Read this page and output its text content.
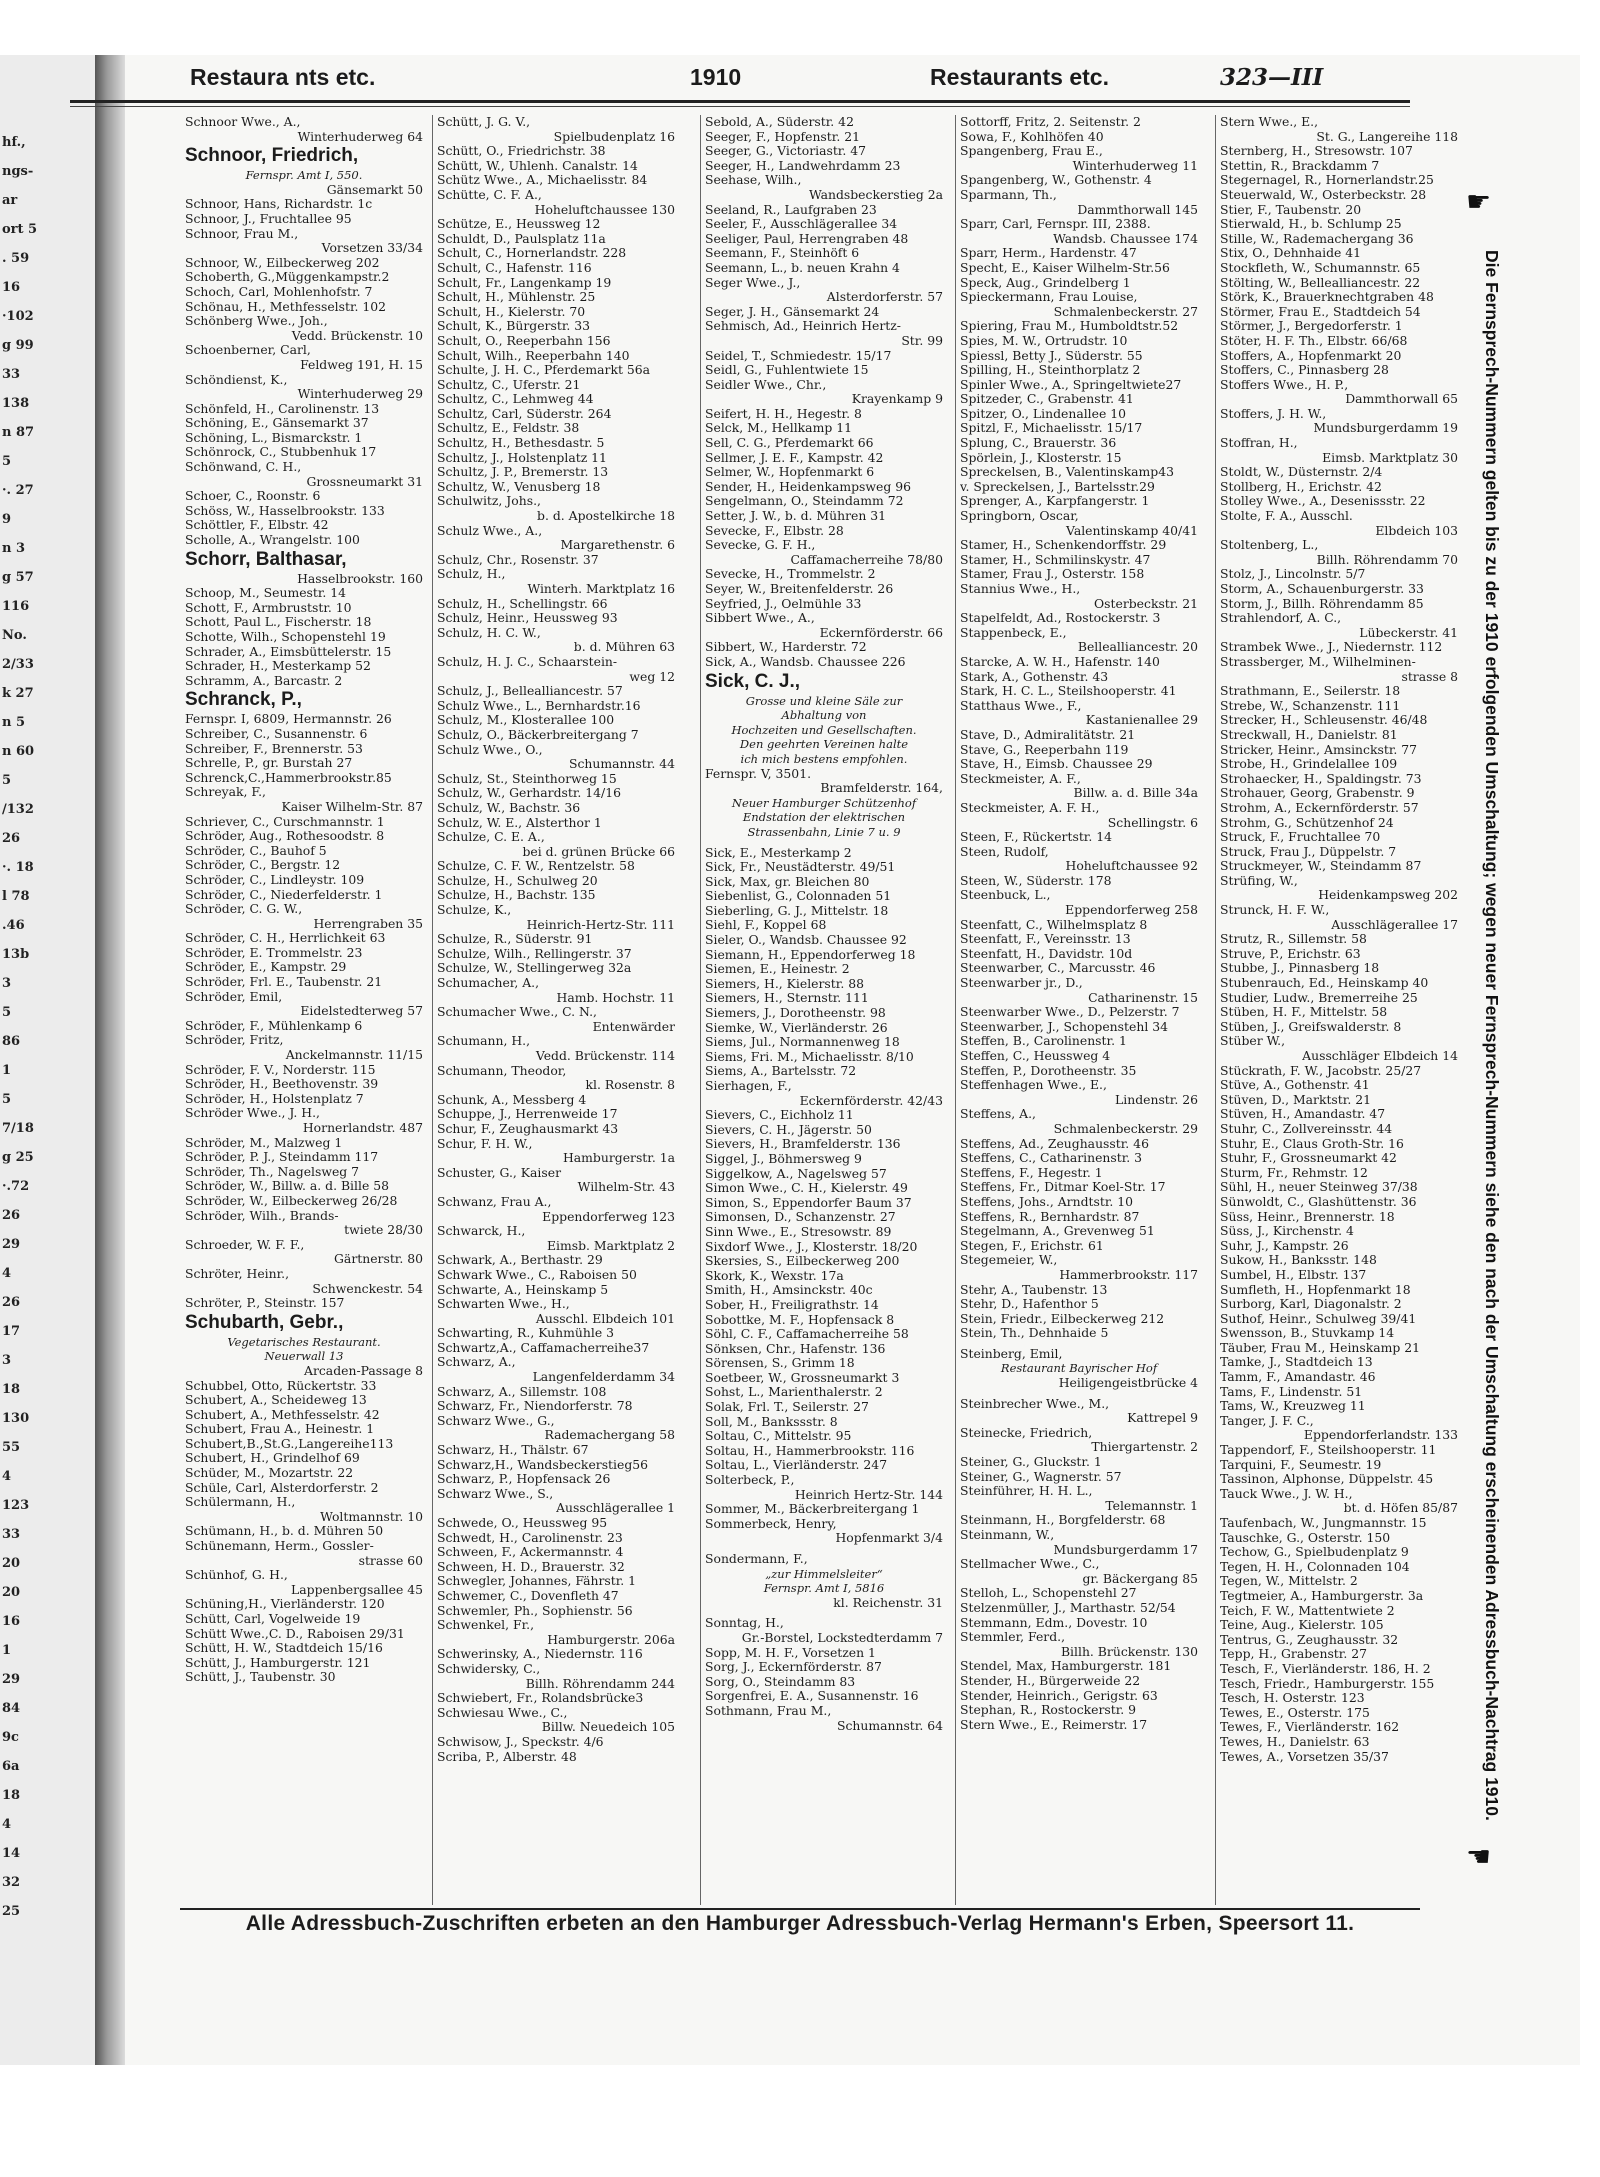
hf.,
ngs-
ar
ort 5
. 59
16
·102
g 99
33
138
n 87
5
·. 27
9
n 3
g 57
116
No.
2/33
k 27
n 5
n 60
5
/132
26
·. 18
l 78
.46
13b
3
5
86
1
5
7/18
g 25
·.72
26
29
4
26
17
3
18
130
55
4
123
33
20
20
16
1
29
84
9c
6a
18
4
14
32
25
Restaura nts etc.	1910	Restaurants etc.	323—III
Schnoor Wwe., A.,
Winterhuderweg 64
Schnoor, Friedrich,
Fernspr. Amt I, 550.
Gänsemarkt 50
Schnoor, Hans, Richardstr. 1c
Schnoor, J., Fruchtallee 95
Schnoor, Frau M.,
Vorsetzen 33/34
Schnoor, W., Eilbeckerweg 202
Schoberth, G.,Müggenkampstr.2
Schoch, Carl, Mohlenhofstr. 7
Schönau, H., Methfesselstr. 102
Schönberg Wwe., Joh.,
Vedd. Brückenstr. 10
Schoenberner, Carl,
Feldweg 191, H. 15
Schöndienst, K.,
Winterhuderweg 29
Schönfeld, H., Carolinenstr. 13
Schöning, E., Gänsemarkt 37
Schöning, L., Bismarckstr. 1
Schönrock, C., Stubbenhuk 17
Schönwand, C. H.,
Grossneumarkt 31
Schoer, C., Roonstr. 6
Schöss, W., Hasselbrookstr. 133
Schöttler, F., Elbstr. 42
Scholle, A., Wrangelstr. 100
Schorr, Balthasar,
Hasselbrookstr. 160
Schoop, M., Seumestr. 14
Schott, F., Armbruststr. 10
Schott, Paul L., Fischerstr. 18
Schotte, Wilh., Schopenstehl 19
Schrader, A., Eimsbüttelerstr. 15
Schrader, H., Mesterkamp 52
Schramm, A., Barcastr. 2
Schranck, P.,
Fernspr. I, 6809, Hermannstr. 26
Schreiber, C., Susannenstr. 6
Schreiber, F., Brennerstr. 53
Schrelle, P., gr. Burstah 27
Schrenck,C.,Hammerbrookstr.85
Schreyak, F.,
Kaiser Wilhelm-Str. 87
Schriever, C., Curschmannstr. 1
Schröder, Aug., Rothesoodstr. 8
Schröder, C., Bauhof 5
Schröder, C., Bergstr. 12
Schröder, C., Lindleystr. 109
Schröder, C., Niederfelderstr. 1
Schröder, C. G. W.,
Herrengraben 35
Schröder, C. H., Herrlichkeit 63
Schröder, E. Trommelstr. 23
Schröder, E., Kampstr. 29
Schröder, Frl. E., Taubenstr. 21
Schröder, Emil,
Eidelstedterweg 57
Schröder, F., Mühlenkamp 6
Schröder, Fritz,
Anckelmannstr. 11/15
Schröder, F. V., Norderstr. 115
Schröder, H., Beethovenstr. 39
Schröder, H., Holstenplatz 7
Schröder Wwe., J. H.,
Hornerlandstr. 487
Schröder, M., Malzweg 1
Schröder, P. J., Steindamm 117
Schröder, Th., Nagelsweg 7
Schröder, W., Billw. a. d. Bille 58
Schröder, W., Eilbeckerweg 26/28
Schröder, Wilh., Brands-
twiete 28/30
Schroeder, W. F. F.,
Gärtnerstr. 80
Schröter, Heinr.,
Schwenckestr. 54
Schröter, P., Steinstr. 157
Schubarth, Gebr.,
Vegetarisches Restaurant.
Neuerwall 13
Arcaden-Passage 8
Schubbel, Otto, Rückertstr. 33
Schubert, A., Scheideweg 13
Schubert, A., Methfesselstr. 42
Schubert, Frau A., Heinestr. 1
Schubert,B.,St.G.,Langereihe113
Schubert, H., Grindelhof 69
Schüder, M., Mozartstr. 22
Schüle, Carl, Alsterdorferstr. 2
Schülermann, H.,
Woltmannstr. 10
Schümann, H., b. d. Mühren 50
Schünemann, Herm., Gossler-
strasse 60
Schünhof, G. H.,
Lappenbergsallee 45
Schüning,H., Vierländerstr. 120
Schütt, Carl, Vogelweide 19
Schütt Wwe.,C. D., Raboisen 29/31
Schütt, H. W., Stadtdeich 15/16
Schütt, J., Hamburgerstr. 121
Schütt, J., Taubenstr. 30
Schütt, J. G. V.,
Spielbudenplatz 16
Schütt, O., Friedrichstr. 38
Schütt, W., Uhlenh. Canalstr. 14
Schütz Wwe., A., Michaelisstr. 84
Schütte, C. F. A.,
Hoheluftchaussee 130
Schütze, E., Heussweg 12
Schuldt, D., Paulsplatz 11a
Schult, C., Hornerlandstr. 228
Schult, C., Hafenstr. 116
Schult, Fr., Langenkamp 19
Schult, H., Mühlenstr. 25
Schult, H., Kielerstr. 70
Schult, K., Bürgerstr. 33
Schult, O., Reeperbahn 156
Schult, Wilh., Reeperbahn 140
Schulte, J. H. C., Pferdemarkt 56a
Schultz, C., Uferstr. 21
Schultz, C., Lehmweg 44
Schultz, Carl, Süderstr. 264
Schultz, E., Feldstr. 38
Schultz, H., Bethesdastr. 5
Schultz, J., Holstenplatz 11
Schultz, J. P., Bremerstr. 13
Schultz, W., Venusberg 18
Schulwitz, Johs.,
b. d. Apostelkirche 18
Schulz Wwe., A.,
Margarethenstr. 6
Schulz, Chr., Rosenstr. 37
Schulz, H.,
Winterh. Marktplatz 16
Schulz, H., Schellingstr. 66
Schulz, Heinr., Heussweg 93
Schulz, H. C. W.,
b. d. Mühren 63
Schulz, H. J. C., Schaarstein-
weg 12
Schulz, J., Bellealliancestr. 57
Schulz Wwe., L., Bernhardstr.16
Schulz, M., Klosterallee 100
Schulz, O., Bäckerbreitergang 7
Schulz Wwe., O.,
Schumannstr. 44
Schulz, St., Steinthorweg 15
Schulz, W., Gerhardstr. 14/16
Schulz, W., Bachstr. 36
Schulz, W. E., Alsterthor 1
Schulze, C. E. A.,
bei d. grünen Brücke 66
Schulze, C. F. W., Rentzelstr. 58
Schulze, H., Schulweg 20
Schulze, H., Bachstr. 135
Schulze, K.,
Heinrich-Hertz-Str. 111
Schulze, R., Süderstr. 91
Schulze, Wilh., Rellingerstr. 37
Schulze, W., Stellingerweg 32a
Schumacher, A.,
Hamb. Hochstr. 11
Schumacher Wwe., C. N.,
Entenwärder
Schumann, H.,
Vedd. Brückenstr. 114
Schumann, Theodor,
kl. Rosenstr. 8
Schunk, A., Messberg 4
Schuppe, J., Herrenweide 17
Schur, F., Zeughausmarkt 43
Schur, F. H. W.,
Hamburgerstr. 1a
Schuster, G., Kaiser
Wilhelm-Str. 43
Schwanz, Frau A.,
Eppendorferweg 123
Schwarck, H.,
Eimsb. Marktplatz 2
Schwark, A., Berthastr. 29
Schwark Wwe., C., Raboisen 50
Schwarte, A., Heinskamp 5
Schwarten Wwe., H.,
Ausschl. Elbdeich 101
Schwarting, R., Kuhmühle 3
Schwartz,A., Caffamacherreihe37
Schwarz, A.,
Langenfelderdamm 34
Schwarz, A., Sillemstr. 108
Schwarz, Fr., Niendorferstr. 78
Schwarz Wwe., G.,
Rademachergang 58
Schwarz, H., Thälstr. 67
Schwarz,H., Wandsbeckerstieg56
Schwarz, P., Hopfensack 26
Schwarz Wwe., S.,
Ausschlägerallee 1
Schwede, O., Heussweg 95
Schwedt, H., Carolinenstr. 23
Schween, F., Ackermannstr. 4
Schween, H. D., Brauerstr. 32
Schwegler, Johannes, Fährstr. 1
Schwemer, C., Dovenfleth 47
Schwemler, Ph., Sophienstr. 56
Schwenkel, Fr.,
Hamburgerstr. 206a
Schwerinsky, A., Niedernstr. 116
Schwidersky, C.,
Billh. Röhrendamm 244
Schwiebert, Fr., Rolandsbrücke3
Schwiesau Wwe., C.,
Billw. Neuedeich 105
Schwisow, J., Speckstr. 4/6
Scriba, P., Alberstr. 48
Sebold, A., Süderstr. 42
Seeger, F., Hopfenstr. 21
Seeger, G., Victoriastr. 47
Seeger, H., Landwehrdamm 23
Seehase, Wilh.,
Wandsbeckerstieg 2a
Seeland, R., Laufgraben 23
Seeler, F., Ausschlägerallee 34
Seeliger, Paul, Herrengraben 48
Seemann, F., Steinhöft 6
Seemann, L., b. neuen Krahn 4
Seger Wwe., J.,
Alsterdorferstr. 57
Seger, J. H., Gänsemarkt 24
Sehmisch, Ad., Heinrich Hertz-
Str. 99
Seidel, T., Schmiedestr. 15/17
Seidl, G., Fuhlentwiete 15
Seidler Wwe., Chr.,
Krayenkamp 9
Seifert, H. H., Hegestr. 8
Selck, M., Hellkamp 11
Sell, C. G., Pferdemarkt 66
Sellmer, J. E. F., Kampstr. 42
Selmer, W., Hopfenmarkt 6
Sender, H., Heidenkampsweg 96
Sengelmann, O., Steindamm 72
Setter, J. W., b. d. Mühren 31
Sevecke, F., Elbstr. 28
Sevecke, G. F. H.,
Caffamacherreihe 78/80
Sevecke, H., Trommelstr. 2
Seyer, W., Breitenfelderstr. 26
Seyfried, J., Oelmühle 33
Sibbert Wwe., A.,
Eckernförderstr. 66
Sibbert, W., Harderstr. 72
Sick, A., Wandsb. Chaussee 226
Sick, C. J.,
Grosse und kleine Säle zur
Abhaltung von
Hochzeiten und Gesellschaften.
Den geehrten Vereinen halte
ich mich bestens empfohlen.
Fernspr. V, 3501.
Bramfelderstr. 164,
Neuer Hamburger Schützenhof
Endstation der elektrischen
Strassenbahn, Linie 7 u. 9
Sick, E., Mesterkamp 2
Sick, Fr., Neustädterstr. 49/51
Sick, Max, gr. Bleichen 80
Siebenlist, G., Colonnaden 51
Sieberling, G. J., Mittelstr. 18
Siehl, F., Koppel 68
Sieler, O., Wandsb. Chaussee 92
Siemann, H., Eppendorferweg 18
Siemen, E., Heinestr. 2
Siemers, H., Kielerstr. 88
Siemers, H., Sternstr. 111
Siemers, J., Dorotheenstr. 98
Siemke, W., Vierländerstr. 26
Siems, Jul., Normannenweg 18
Siems, Fri. M., Michaelisstr. 8/10
Siems, A., Bartelsstr. 72
Sierhagen, F.,
Eckernförderstr. 42/43
Sievers, C., Eichholz 11
Sievers, C. H., Jägerstr. 50
Sievers, H., Bramfelderstr. 136
Siggel, J., Böhmersweg 9
Siggelkow, A., Nagelsweg 57
Simon Wwe., C. H., Kielerstr. 49
Simon, S., Eppendorfer Baum 37
Simonsen, D., Schanzenstr. 27
Sinn Wwe., E., Stresowstr. 89
Sixdorf Wwe., J., Klosterstr. 18/20
Skersies, S., Eilbeckerweg 200
Skork, K., Wexstr. 17a
Smith, H., Amsinckstr. 40c
Sober, H., Freiligrathstr. 14
Sobottke, M. F., Hopfensack 8
Söhl, C. F., Caffamacherreihe 58
Sönksen, Chr., Hafenstr. 136
Sörensen, S., Grimm 18
Soetbeer, W., Grossneumarkt 3
Sohst, L., Marienthalerstr. 2
Solak, Frl. T., Seilerstr. 27
Soll, M., Bankssstr. 8
Soltau, C., Mittelstr. 95
Soltau, H., Hammerbrookstr. 116
Soltau, L., Vierländerstr. 247
Solterbeck, P.,
Heinrich Hertz-Str. 144
Sommer, M., Bäckerbreitergang 1
Sommerbeck, Henry,
Hopfenmarkt 3/4
Sondermann, F.,
„zur Himmelsleiter“
Fernspr. Amt I, 5816
kl. Reichenstr. 31
Sonntag, H.,
Gr.-Borstel, Lockstedterdamm 7
Sopp, M. H. F., Vorsetzen 1
Sorg, J., Eckernförderstr. 87
Sorg, O., Steindamm 83
Sorgenfrei, E. A., Susannenstr. 16
Sothmann, Frau M.,
Schumannstr. 64
Sottorff, Fritz, 2. Seitenstr. 2
Sowa, F., Kohlhöfen 40
Spangenberg, Frau E.,
Winterhuderweg 11
Spangenberg, W., Gothenstr. 4
Sparmann, Th.,
Dammthorwall 145
Sparr, Carl, Fernspr. III, 2388.
Wandsb. Chaussee 174
Sparr, Herm., Hardenstr. 47
Specht, E., Kaiser Wilhelm-Str.56
Speck, Aug., Grindelberg 1
Spieckermann, Frau Louise,
Schmalenbeckerstr. 27
Spiering, Frau M., Humboldtstr.52
Spies, M. W., Ortrudstr. 10
Spiessl, Betty J., Süderstr. 55
Spilling, H., Steinthorplatz 2
Spinler Wwe., A., Springeltwiete27
Spitzeder, C., Grabenstr. 41
Spitzer, O., Lindenallee 10
Spitzl, F., Michaelisstr. 15/17
Splung, C., Brauerstr. 36
Spörlein, J., Klosterstr. 15
Spreckelsen, B., Valentinskamp43
v. Spreckelsen, J., Bartelsstr.29
Sprenger, A., Karpfangerstr. 1
Springborn, Oscar,
Valentinskamp 40/41
Stamer, H., Schenkendorffstr. 29
Stamer, H., Schmilinskystr. 47
Stamer, Frau J., Osterstr. 158
Stannius Wwe., H.,
Osterbeckstr. 21
Stapelfeldt, Ad., Rostockerstr. 3
Stappenbeck, E.,
Bellealliancestr. 20
Starcke, A. W. H., Hafenstr. 140
Stark, A., Gothenstr. 43
Stark, H. C. L., Steilshooperstr. 41
Statthaus Wwe., F.,
Kastanienallee 29
Stave, D., Admiralitätstr. 21
Stave, G., Reeperbahn 119
Stave, H., Eimsb. Chaussee 29
Steckmeister, A. F.,
Billw. a. d. Bille 34a
Steckmeister, A. F. H.,
Schellingstr. 6
Steen, F., Rückertstr. 14
Steen, Rudolf,
Hoheluftchaussee 92
Steen, W., Süderstr. 178
Steenbuck, L.,
Eppendorferweg 258
Steenfatt, C., Wilhelmsplatz 8
Steenfatt, F., Vereinsstr. 13
Steenfatt, H., Davidstr. 10d
Steenwarber, C., Marcusstr. 46
Steenwarber jr., D.,
Catharinenstr. 15
Steenwarber Wwe., D., Pelzerstr. 7
Steenwarber, J., Schopenstehl 34
Steffen, B., Carolinenstr. 1
Steffen, C., Heussweg 4
Steffen, P., Dorotheenstr. 35
Steffenhagen Wwe., E.,
Lindenstr. 26
Steffens, A.,
Schmalenbeckerstr. 29
Steffens, Ad., Zeughausstr. 46
Steffens, C., Catharinenstr. 3
Steffens, F., Hegestr. 1
Steffens, Fr., Ditmar Koel-Str. 17
Steffens, Johs., Arndtstr. 10
Steffens, R., Bernhardstr. 87
Stegelmann, A., Grevenweg 51
Stegen, F., Erichstr. 61
Stegemeier, W.,
Hammerbrookstr. 117
Stehr, A., Taubenstr. 13
Stehr, D., Hafenthor 5
Stein, Friedr., Eilbeckerweg 212
Stein, Th., Dehnhaide 5
Steinberg, Emil,
Restaurant Bayrischer Hof
Heiligengeistbrücke 4
Steinbrecher Wwe., M.,
Kattrepel 9
Steinecke, Friedrich,
Thiergartenstr. 2
Steiner, G., Gluckstr. 1
Steiner, G., Wagnerstr. 57
Steinführer, H. H. L.,
Telemannstr. 1
Steinmann, H., Borgfelderstr. 68
Steinmann, W.,
Mundsburgerdamm 17
Stellmacher Wwe., C.,
gr. Bäckergang 85
Stelloh, L., Schopenstehl 27
Stelzenmüller, J., Marthastr. 52/54
Stemmann, Edm., Dovestr. 10
Stemmler, Ferd.,
Billh. Brückenstr. 130
Stendel, Max, Hamburgerstr. 181
Stender, H., Bürgerweide 22
Stender, Heinrich., Gerigstr. 63
Stephan, R., Rostockerstr. 9
Stern Wwe., E., Reimerstr. 17
Stern Wwe., E.,
St. G., Langereihe 118
Sternberg, H., Stresowstr. 107
Stettin, R., Brackdamm 7
Stegernagel, R., Hornerlandstr.25
Steuerwald, W., Osterbeckstr. 28
Stier, F., Taubenstr. 20
Stierwald, H., b. Schlump 25
Stille, W., Rademachergang 36
Stix, O., Dehnhaide 41
Stockfleth, W., Schumannstr. 65
Stölting, W., Bellealliancestr. 22
Störk, K., Brauerknechtgraben 48
Störmer, Frau E., Stadtdeich 54
Störmer, J., Bergedorferstr. 1
Stöter, H. F. Th., Elbstr. 66/68
Stoffers, A., Hopfenmarkt 20
Stoffers, C., Pinnasberg 28
Stoffers Wwe., H. P.,
Dammthorwall 65
Stoffers, J. H. W.,
Mundsburgerdamm 19
Stoffran, H.,
Eimsb. Marktplatz 30
Stoldt, W., Düsternstr. 2/4
Stollberg, H., Erichstr. 42
Stolley Wwe., A., Desenissstr. 22
Stolte, F. A., Ausschl.
Elbdeich 103
Stoltenberg, L.,
Billh. Röhrendamm 70
Stolz, J., Lincolnstr. 5/7
Storm, A., Schauenburgerstr. 33
Storm, J., Billh. Röhrendamm 85
Strahlendorf, A. C.,
Lübeckerstr. 41
Strambek Wwe., J., Niedernstr. 112
Strassberger, M., Wilhelminen-
strasse 8
Strathmann, E., Seilerstr. 18
Strebe, W., Schanzenstr. 111
Strecker, H., Schleusenstr. 46/48
Streckwall, H., Danielstr. 81
Stricker, Heinr., Amsinckstr. 77
Strobe, H., Grindelallee 109
Strohaecker, H., Spaldingstr. 73
Strohauer, Georg, Grabenstr. 9
Strohm, A., Eckernförderstr. 57
Strohm, G., Schützenhof 24
Struck, F., Fruchtallee 70
Struck, Frau J., Düppelstr. 7
Struckmeyer, W., Steindamm 87
Strüfing, W.,
Heidenkampsweg 202
Strunck, H. F. W.,
Ausschlägerallee 17
Strutz, R., Sillemstr. 58
Struve, P., Erichstr. 63
Stubbe, J., Pinnasberg 18
Stubenrauch, Ed., Heinskamp 40
Studier, Ludw., Bremerreihe 25
Stüben, H. F., Mittelstr. 58
Stüben, J., Greifswalderstr. 8
Stüber W.,
Ausschläger Elbdeich 14
Stückrath, F. W., Jacobstr. 25/27
Stüve, A., Gothenstr. 41
Stüven, D., Marktstr. 21
Stüven, H., Amandastr. 47
Stuhr, C., Zollvereinsstr. 44
Stuhr, E., Claus Groth-Str. 16
Stuhr, F., Grossneumarkt 42
Sturm, Fr., Rehmstr. 12
Sühl, H., neuer Steinweg 37/38
Sünwoldt, C., Glashüttenstr. 36
Süss, Heinr., Brennerstr. 18
Süss, J., Kirchenstr. 4
Suhr, J., Kampstr. 26
Sukow, H., Banksstr. 148
Sumbel, H., Elbstr. 137
Sumfleth, H., Hopfenmarkt 18
Surborg, Karl, Diagonalstr. 2
Suthof, Heinr., Schulweg 39/41
Swensson, B., Stuvkamp 14
Täuber, Frau M., Heinskamp 21
Tamke, J., Stadtdeich 13
Tamm, F., Amandastr. 46
Tams, F., Lindenstr. 51
Tams, W., Kreuzweg 11
Tanger, J. F. C.,
Eppendorferlandstr. 133
Tappendorf, F., Steilshooperstr. 11
Tarquini, F., Seumestr. 19
Tassinon, Alphonse, Düppelstr. 45
Tauck Wwe., J. W. H.,
bt. d. Höfen 85/87
Taufenbach, W., Jungmannstr. 15
Tauschke, G., Osterstr. 150
Techow, G., Spielbudenplatz 9
Tegen, H. H., Colonnaden 104
Tegen, W., Mittelstr. 2
Tegtmeier, A., Hamburgerstr. 3a
Teich, F. W., Mattentwiete 2
Teine, Aug., Kielerstr. 105
Tentrus, G., Zeughausstr. 32
Tepp, H., Grabenstr. 27
Tesch, F., Vierländerstr. 186, H. 2
Tesch, Friedr., Hamburgerstr. 155
Tesch, H. Osterstr. 123
Tewes, E., Osterstr. 175
Tewes, F., Vierländerstr. 162
Tewes, H., Danielstr. 63
Tewes, A., Vorsetzen 35/37
☛
Die Fernsprech-Nummern gelten bis zu der 1910 erfolgenden Umschaltung; wegen neuer Fernsprech-Nummern siehe den nach der Umschaltung erscheinenden Adressbuch-Nachtrag 1910.
☚
Alle Adressbuch-Zuschriften erbeten an den Hamburger Adressbuch-Verlag Hermann's Erben, Speersort 11.
